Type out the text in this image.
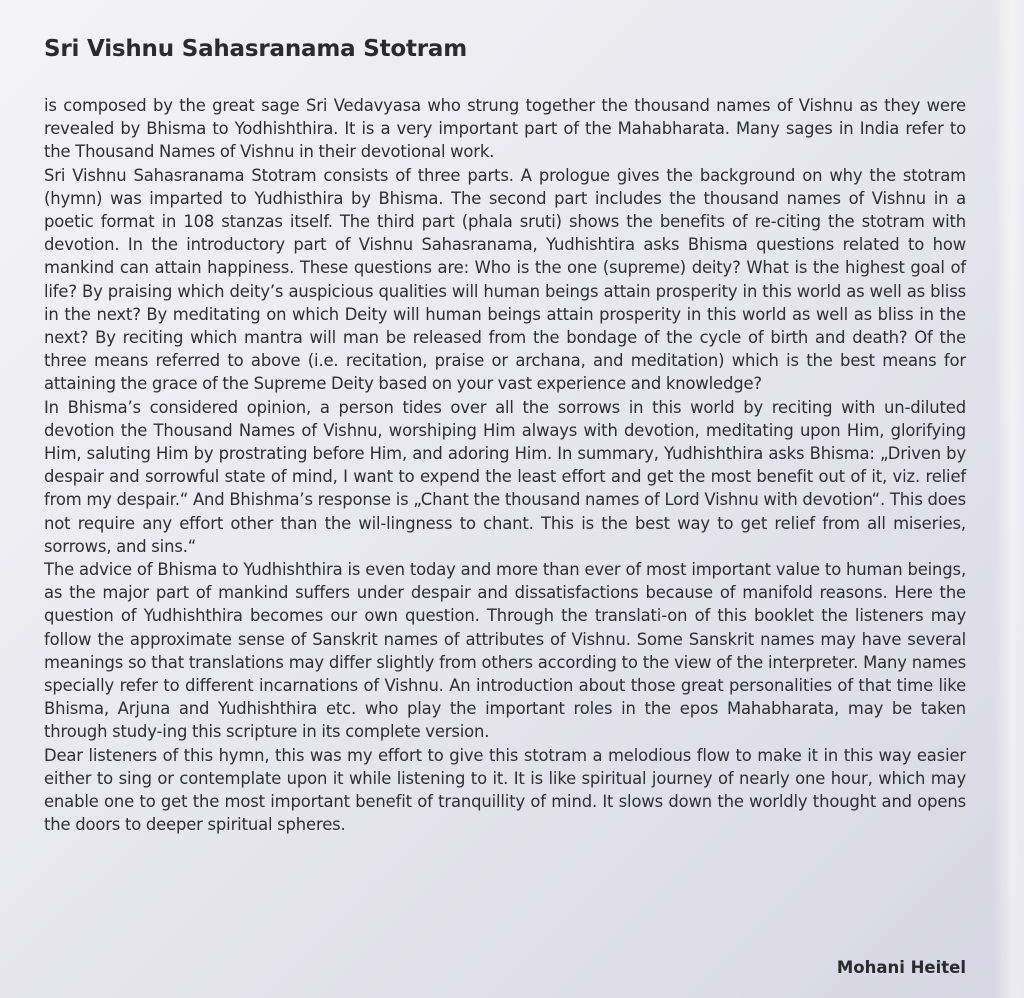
Sri Vishnu Sahasranama Stotram

is composed by the great sage Sri Vedavyasa who strung together the thousand names of Vishnu as they were revealed by Bhisma to Yodhishthira. It is a very important part of the Mahabharata. Many sages in India refer to the Thousand Names of Vishnu in their devotional work.

Sri Vishnu Sahasranama Stotram consists of three parts. A prologue gives the background on why the stotram (hymn) was imparted to Yudhisthira by Bhisma. The second part includes the thousand names of Vishnu in a poetic format in 108 stanzas itself. The third part (phala sruti) shows the benefits of re-citing the stotram with devotion. In the introductory part of Vishnu Sahasranama, Yudhishtira asks Bhisma questions related to how mankind can attain happiness. These questions are: Who is the one (supreme) deity? What is the highest goal of life? By praising which deity’s auspicious qualities will human beings attain prosperity in this world as well as bliss in the next? By meditating on which Deity will human beings attain prosperity in this world as well as bliss in the next? By reciting which mantra will man be released from the bondage of the cycle of birth and death? Of the three means referred to above (i.e. recitation, praise or archana, and meditation) which is the best means for attaining the grace of the Supreme Deity based on your vast experience and knowledge?

In Bhisma’s considered opinion, a person tides over all the sorrows in this world by reciting with un-diluted devotion the Thousand Names of Vishnu, worshiping Him always with devotion, meditating upon Him, glorifying Him, saluting Him by prostrating before Him, and adoring Him. In summary, Yudhishthira asks Bhisma: „Driven by despair and sorrowful state of mind, I want to expend the least effort and get the most benefit out of it, viz. relief from my despair.“ And Bhishma’s response is „Chant the thousand names of Lord Vishnu with devotion“. This does not require any effort other than the wil-lingness to chant. This is the best way to get relief from all miseries, sorrows, and sins.“

The advice of Bhisma to Yudhishthira is even today and more than ever of most important value to human beings, as the major part of mankind suffers under despair and dissatisfactions because of manifold reasons. Here the question of Yudhishthira becomes our own question. Through the translati-on of this booklet the listeners may follow the approximate sense of Sanskrit names of attributes of Vishnu. Some Sanskrit names may have several meanings so that translations may differ slightly from others according to the view of the interpreter. Many names specially refer to different incarnations of Vishnu. An introduction about those great personalities of that time like Bhisma, Arjuna and Yudhishthira etc. who play the important roles in the epos Mahabharata, may be taken through study-ing this scripture in its complete version.

Dear listeners of this hymn, this was my effort to give this stotram a melodious flow to make it in this way easier either to sing or contemplate upon it while listening to it. It is like spiritual journey of nearly one hour, which may enable one to get the most important benefit of tranquillity of mind. It slows down the worldly thought and opens the doors to deeper spiritual spheres.

Mohani Heitel
